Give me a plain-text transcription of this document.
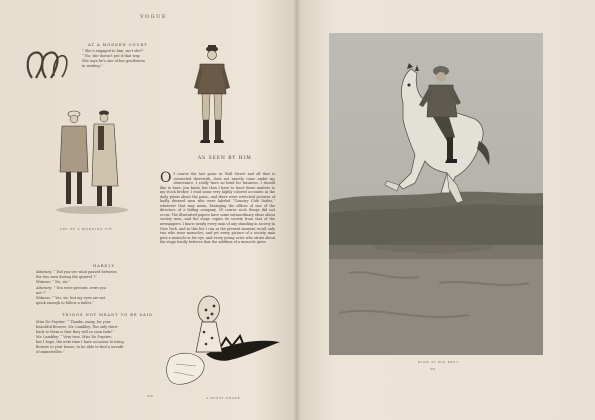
VOGUE
AT A MODERN COURT
“ She’s engaged to him, isn’t she?”
“ No; she doesn’t put it that way.
She says he’s one of her gentlemen
in waiting.”
ART OF A MORNING TIE
AS SEEN BY HIM
Of course the last panic in Wall Street and all that is connected therewith, does not exactly come under my observance. I really have no brief for business. I should like to have, you know, but then I have to leave these matters to my stock broker. I read some very highly colored accounts in the daily prints about the panic, and there were wretched pictures of badly dressed men who were labeled “Country Club Dudes,” whatever that may mean, besieging the offices of one of the directors of a failing company. Of course such things did not occur. The illustrated papers have some extraordinary ideas about society men, and the stage copies its society from that of the newspapers. I know nearly every man of any standing in society in New York, and in this list I can at the present moment recall only two who wear monocles; and yet every picture of a society man puts a monocle in his eye, and every young actor who struts about the stage fondly believes that the addition of a monocle gives
HARDLY
Attorney: “ Did you see what passed between
the two men during the quarrel ?”
Witness: “ No, sir.”
Attorney: “ You were present, were you
not ?”
Witness: “ Yes, sir; but my eyes are not
quick enough to follow a bullet.”
THINGS NOT MEANT TO BE SAID
Miss De Puyster: “ Thanks, many, for your
beautiful flowers, Mr. Lamkley. The only draw-
back to them is that they will so soon fade!”
Mr. Lamkley: “ Very true, Miss De Puyster;
but I hope, the next time I have occasion to bring
flowers to your house, to be able to find a wreath
of immortelles.”
A PUSSY-SHADE
270
HIGH AT HIS BEST
271
